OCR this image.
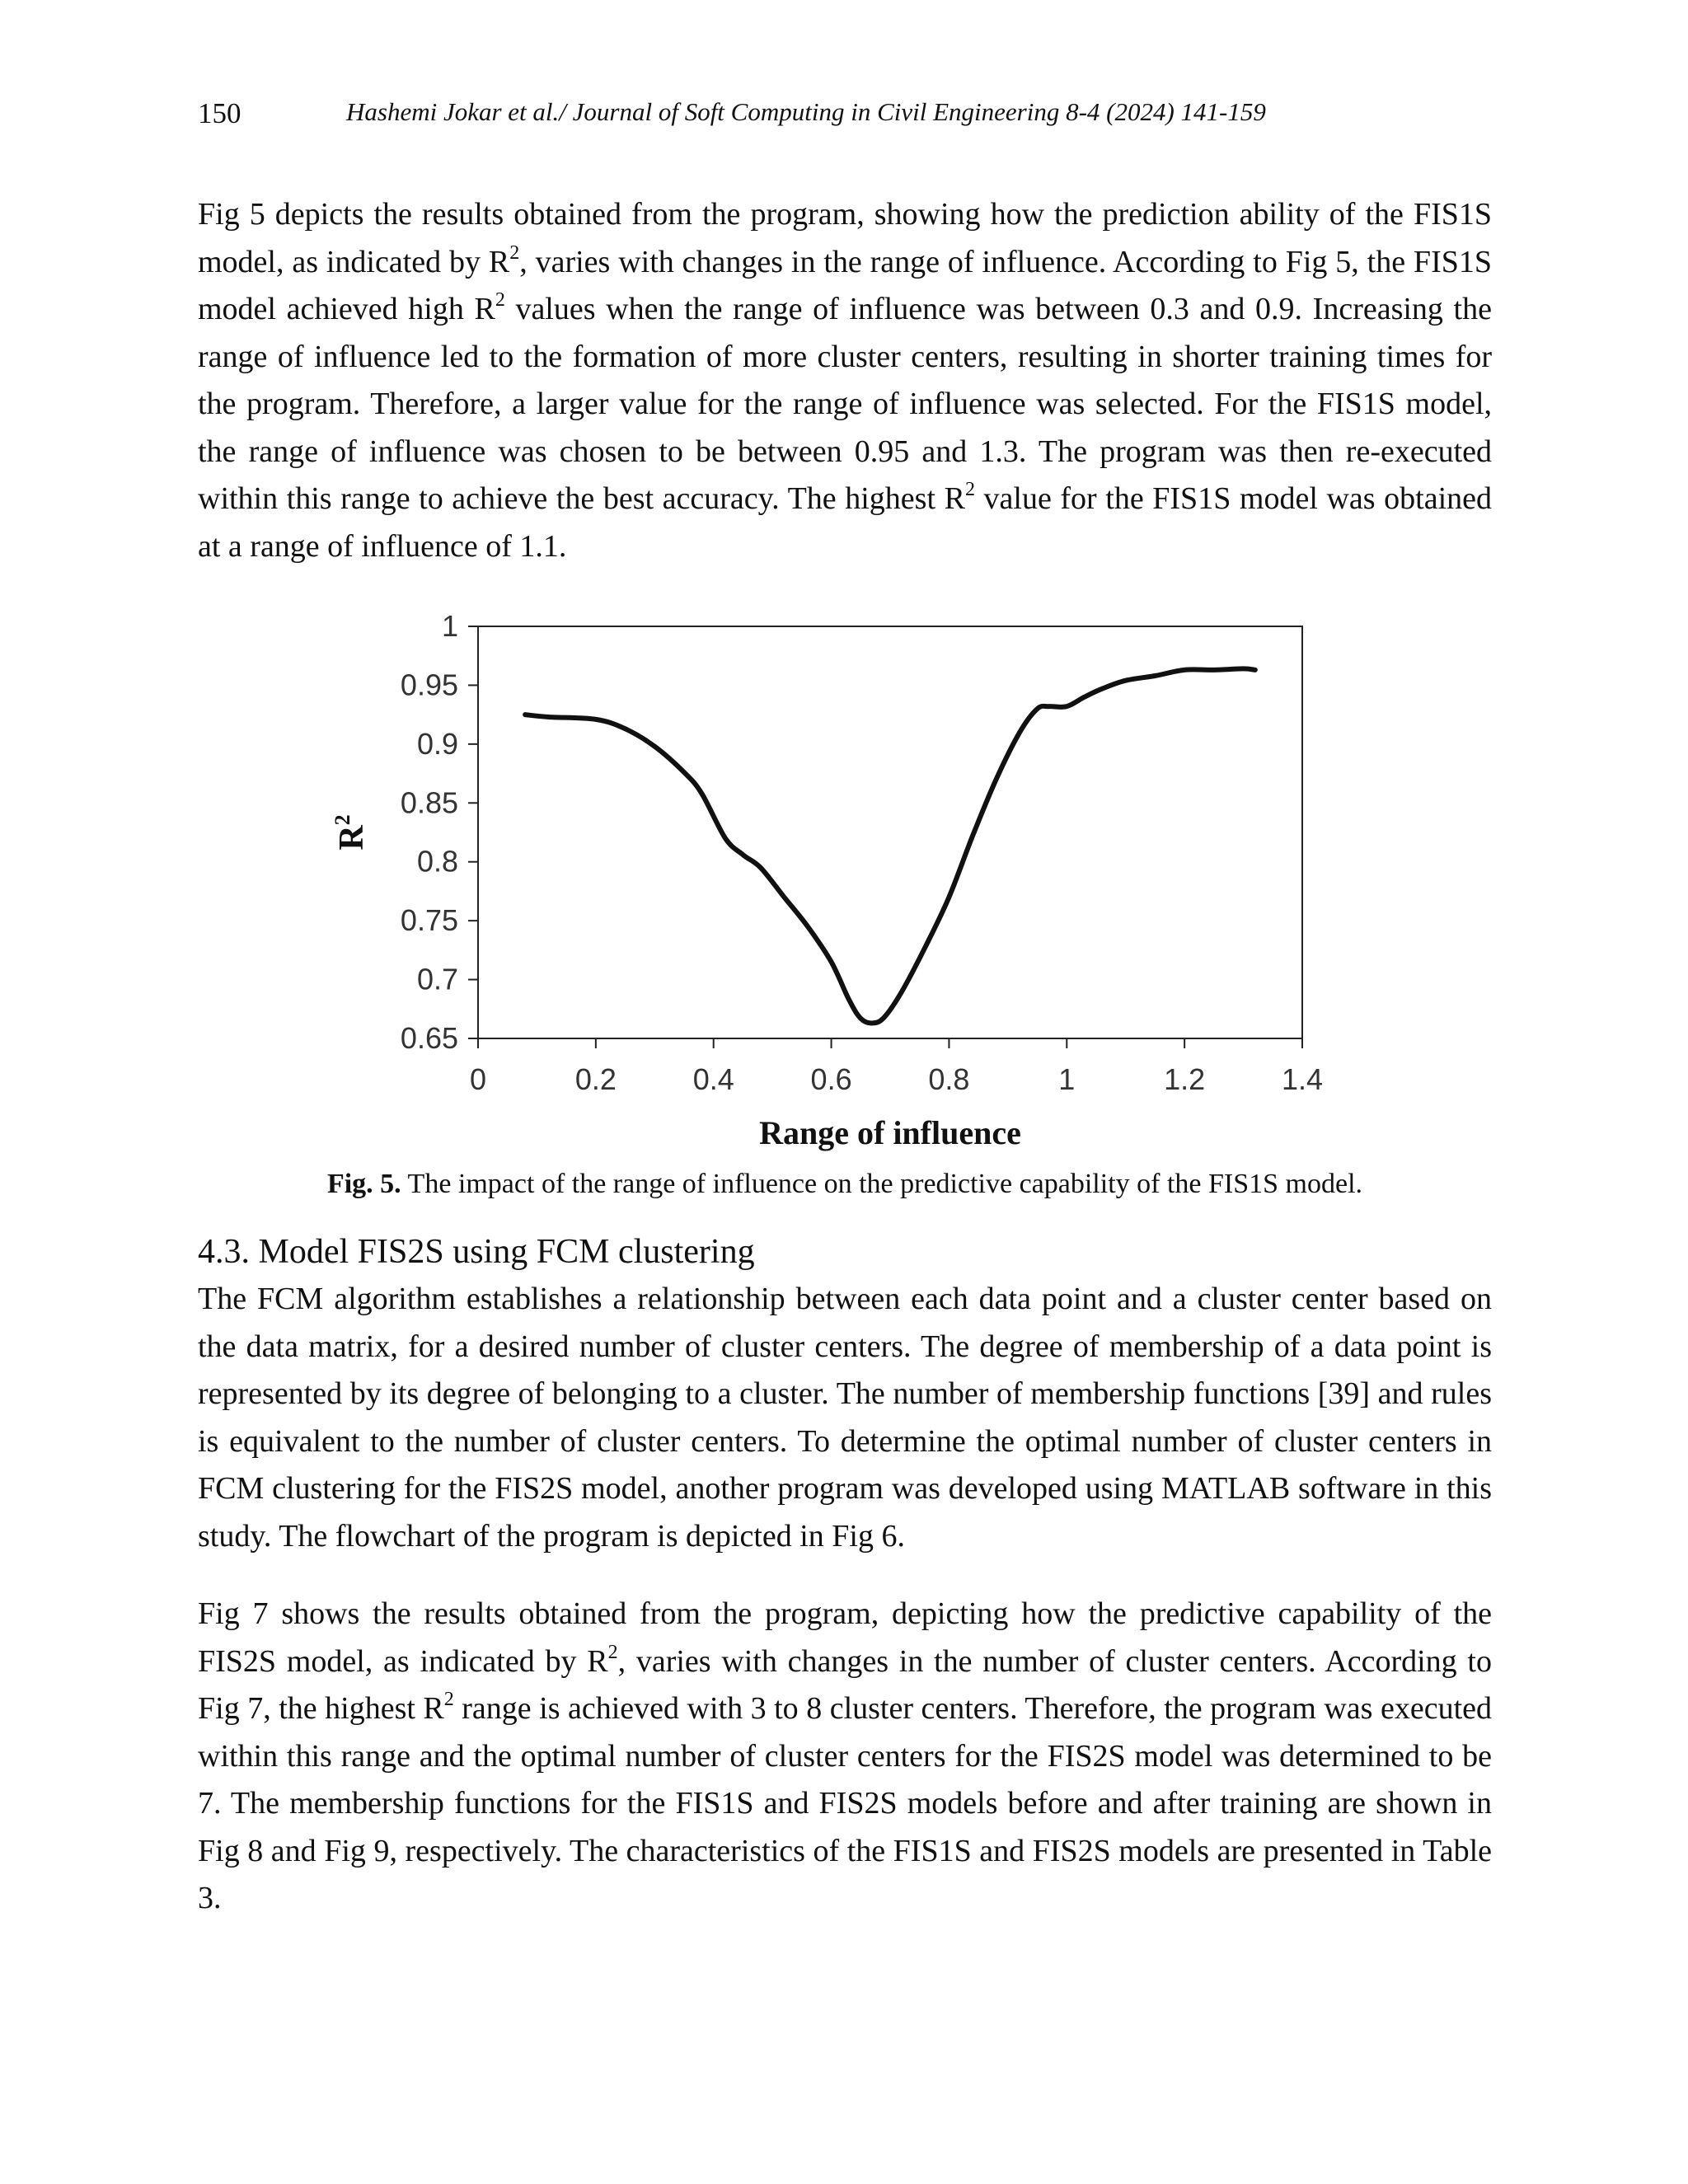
150	Hashemi Jokar et al./ Journal of Soft Computing in Civil Engineering 8-4 (2024) 141-159

Fig 5 depicts the results obtained from the program, showing how the prediction ability of the FIS1S model, as indicated by $R^2$, varies with changes in the range of influence. According to Fig 5, the FIS1S model achieved high $R^2$ values when the range of influence was between 0.3 and 0.9. Increasing the range of influence led to the formation of more cluster centers, resulting in shorter training times for the program. Therefore, a larger value for the range of influence was selected. For the FIS1S model, the range of influence was chosen to be between 0.95 and 1.3. The program was then re-executed within this range to achieve the best accuracy. The highest $R^2$ value for the FIS1S model was obtained at a range of influence of 1.1.

0.65
0.7
0.75
0.8
0.85
0.9
0.95
1
0	0.2	0.4	0.6	0.8	1	1.2	1.4
Range of influence
$R^2$

Fig. 5. The impact of the range of influence on the predictive capability of the FIS1S model.

4.3. Model FIS2S using FCM clustering

The FCM algorithm establishes a relationship between each data point and a cluster center based on the data matrix, for a desired number of cluster centers. The degree of membership of a data point is represented by its degree of belonging to a cluster. The number of membership functions [39] and rules is equivalent to the number of cluster centers. To determine the optimal number of cluster centers in FCM clustering for the FIS2S model, another program was developed using MATLAB software in this study. The flowchart of the program is depicted in Fig 6.

Fig 7 shows the results obtained from the program, depicting how the predictive capability of the FIS2S model, as indicated by $R^2$, varies with changes in the number of cluster centers. According to Fig 7, the highest $R^2$ range is achieved with 3 to 8 cluster centers. Therefore, the program was executed within this range and the optimal number of cluster centers for the FIS2S model was determined to be 7. The membership functions for the FIS1S and FIS2S models before and after training are shown in Fig 8 and Fig 9, respectively. The characteristics of the FIS1S and FIS2S models are presented in Table 3.
